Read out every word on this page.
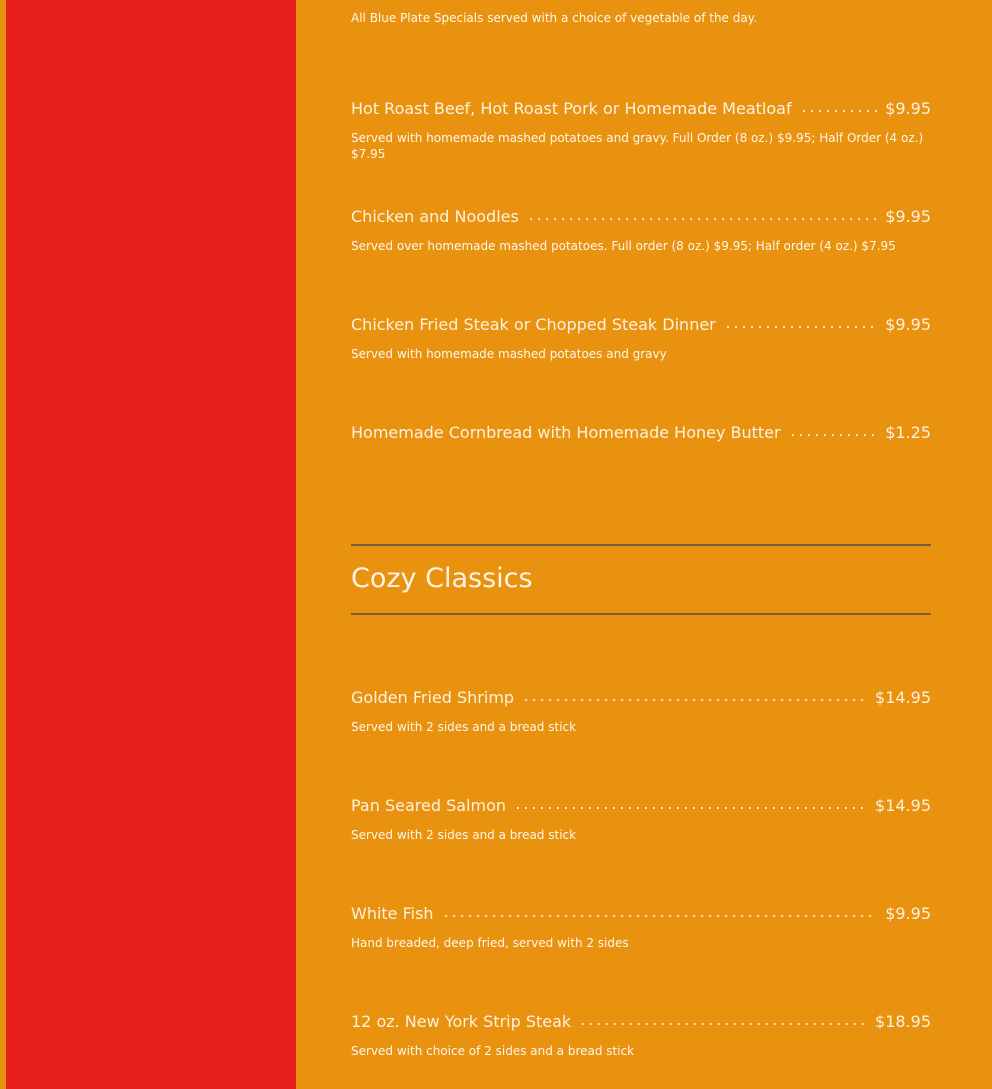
All Blue Plate Specials served with a choice of vegetable of the day.
Hot Roast Beef, Hot Roast Pork or Homemade Meatloaf	$9.95
Served with homemade mashed potatoes and gravy. Full Order (8 oz.) $9.95; Half Order (4 oz.) $7.95
Chicken and Noodles	$9.95
Served over homemade mashed potatoes. Full order (8 oz.) $9.95; Half order (4 oz.) $7.95
Chicken Fried Steak or Chopped Steak Dinner	$9.95
Served with homemade mashed potatoes and gravy
Homemade Cornbread with Homemade Honey Butter	$1.25
Cozy Classics
Golden Fried Shrimp	$14.95
Served with 2 sides and a bread stick
Pan Seared Salmon	$14.95
Served with 2 sides and a bread stick
White Fish	$9.95
Hand breaded, deep fried, served with 2 sides
12 oz. New York Strip Steak	$18.95
Served with choice of 2 sides and a bread stick
